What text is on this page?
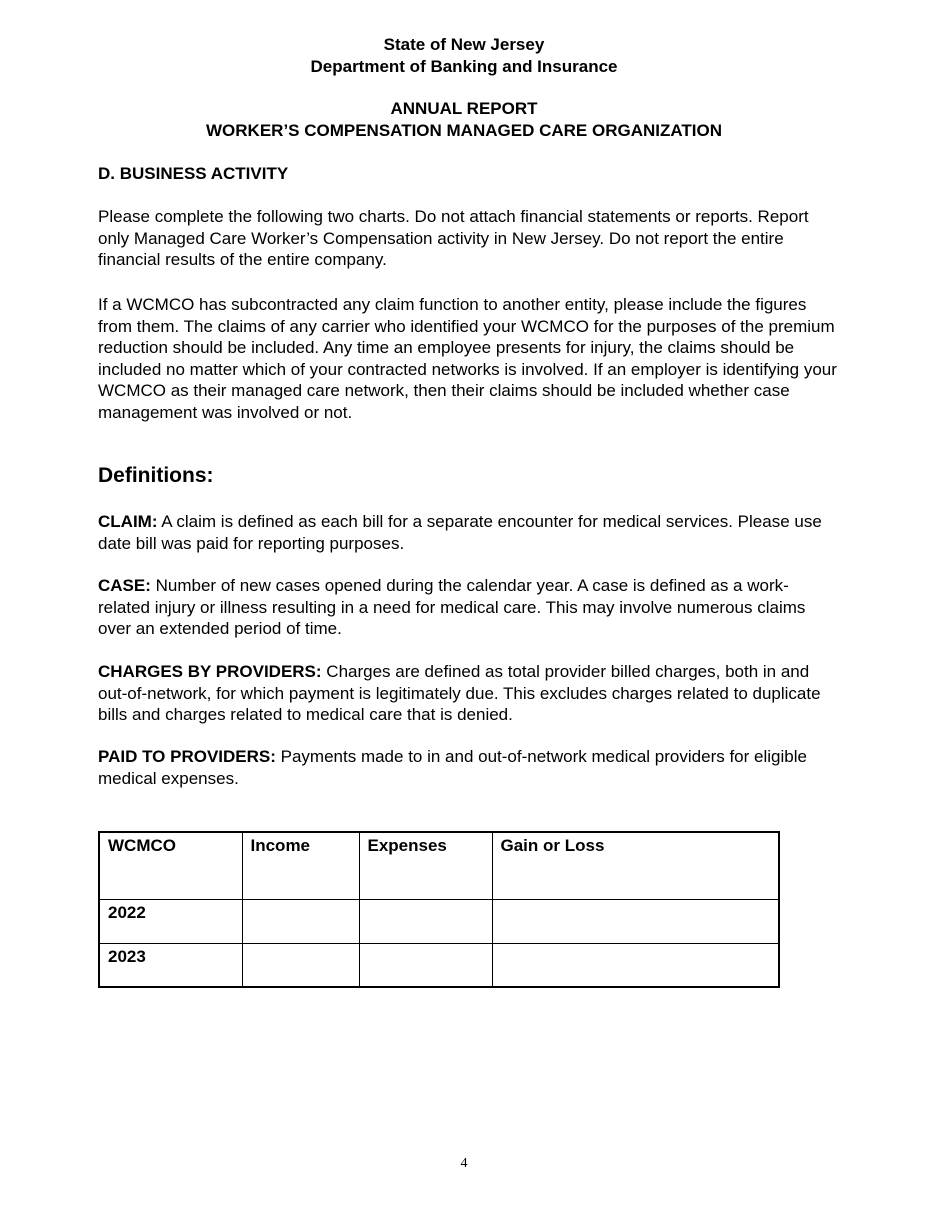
State of New Jersey
Department of Banking and Insurance
ANNUAL REPORT
WORKER’S COMPENSATION MANAGED CARE ORGANIZATION
D. BUSINESS ACTIVITY

Please complete the following two charts. Do not attach financial statements or reports. Report only Managed Care Worker’s Compensation activity in New Jersey. Do not report the entire financial results of the entire company.

If a WCMCO has subcontracted any claim function to another entity, please include the figures from them. The claims of any carrier who identified your WCMCO for the purposes of the premium reduction should be included. Any time an employee presents for injury, the claims should be included no matter which of your contracted networks is involved. If an employer is identifying your WCMCO as their managed care network, then their claims should be included whether case management was involved or not.

Definitions:

CLAIM: A claim is defined as each bill for a separate encounter for medical services. Please use date bill was paid for reporting purposes.

CASE: Number of new cases opened during the calendar year. A case is defined as a work-related injury or illness resulting in a need for medical care. This may involve numerous claims over an extended period of time.

CHARGES BY PROVIDERS: Charges are defined as total provider billed charges, both in and out-of-network, for which payment is legitimately due. This excludes charges related to duplicate bills and charges related to medical care that is denied.

PAID TO PROVIDERS: Payments made to in and out-of-network medical providers for eligible medical expenses.

WCMCO	Income	Expenses	Gain or Loss
2022			
2023			
4
